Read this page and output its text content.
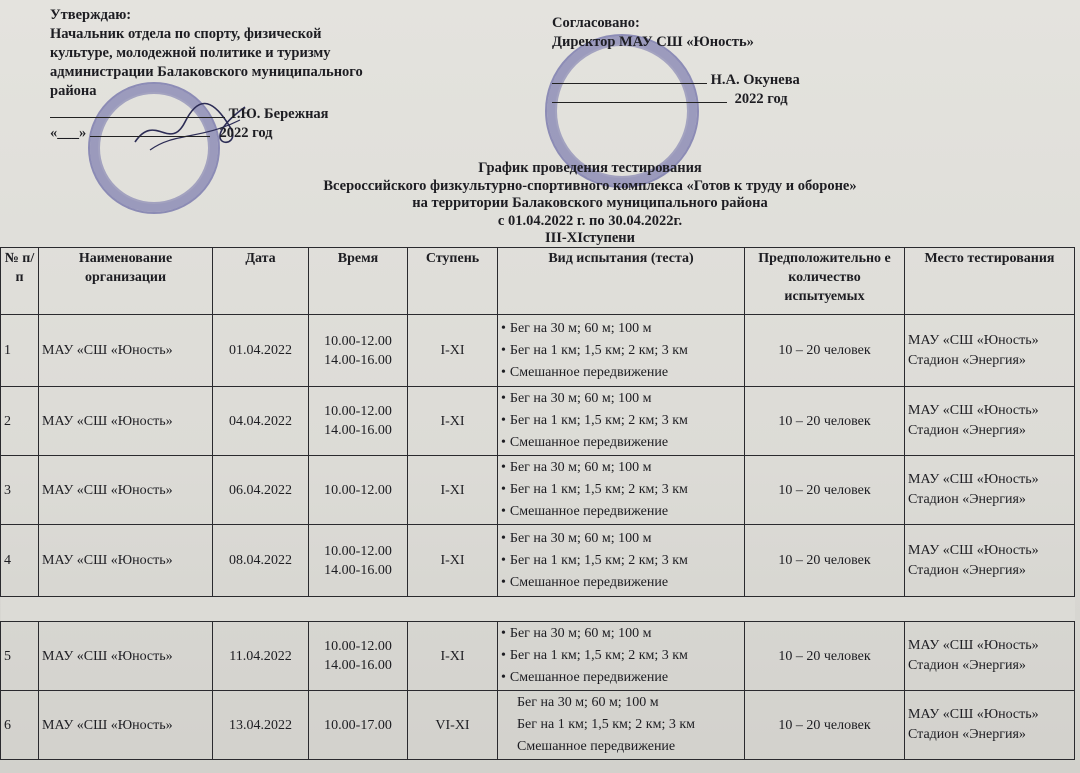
Утверждаю:
Начальник отдела по спорту, физической
культуре, молодежной политике и туризму
администрации Балаковского муниципального
района
Т.Ю. Бережная
«___»	2022 год
Согласовано:
Директор МАУ СШ «Юность»
Н.А. Окунева
2022 год
График проведения тестирования
Всероссийского физкультурно-спортивного комплекса «Готов к труду и обороне»
на территории Балаковского муниципального района
с 01.04.2022 г. по 30.04.2022г.
III-XIступени
№ п/п	Наименование организации	Дата	Время	Ступень	Вид испытания (теста)	Предположительно е количество испытуемых	Место тестирования
1	МАУ «СШ «Юность»	01.04.2022	10.00-12.00
14.00-16.00	I-XI	• Бег на 30 м; 60 м; 100 м
• Бег на 1 км; 1,5 км; 2 км; 3 км
• Смешанное передвижение	10 – 20 человек	МАУ «СШ «Юность»
Стадион «Энергия»

2	МАУ «СШ «Юность»	04.04.2022	10.00-12.00
14.00-16.00	I-XI	• Бег на 30 м; 60 м; 100 м
• Бег на 1 км; 1,5 км; 2 км; 3 км
• Смешанное передвижение	10 – 20 человек	МАУ «СШ «Юность»
Стадион «Энергия»

3	МАУ «СШ «Юность»	06.04.2022	10.00-12.00	I-XI	• Бег на 30 м; 60 м; 100 м
• Бег на 1 км; 1,5 км; 2 км; 3 км
• Смешанное передвижение	10 – 20 человек	МАУ «СШ «Юность»
Стадион «Энергия»

4	МАУ «СШ «Юность»	08.04.2022	10.00-12.00
14.00-16.00	I-XI	• Бег на 30 м; 60 м; 100 м
• Бег на 1 км; 1,5 км; 2 км; 3 км
• Смешанное передвижение	10 – 20 человек	МАУ «СШ «Юность»
Стадион «Энергия»

5	МАУ «СШ «Юность»	11.04.2022	10.00-12.00
14.00-16.00	I-XI	• Бег на 30 м; 60 м; 100 м
• Бег на 1 км; 1,5 км; 2 км; 3 км
• Смешанное передвижение	10 – 20 человек	МАУ «СШ «Юность»
Стадион «Энергия»

6	МАУ «СШ «Юность»	13.04.2022	10.00-17.00	VI-XI	Бег на 30 м; 60 м; 100 м
Бег на 1 км; 1,5 км; 2 км; 3 км
Смешанное передвижение	10 – 20 человек	МАУ «СШ «Юность»
Стадион «Энергия»
